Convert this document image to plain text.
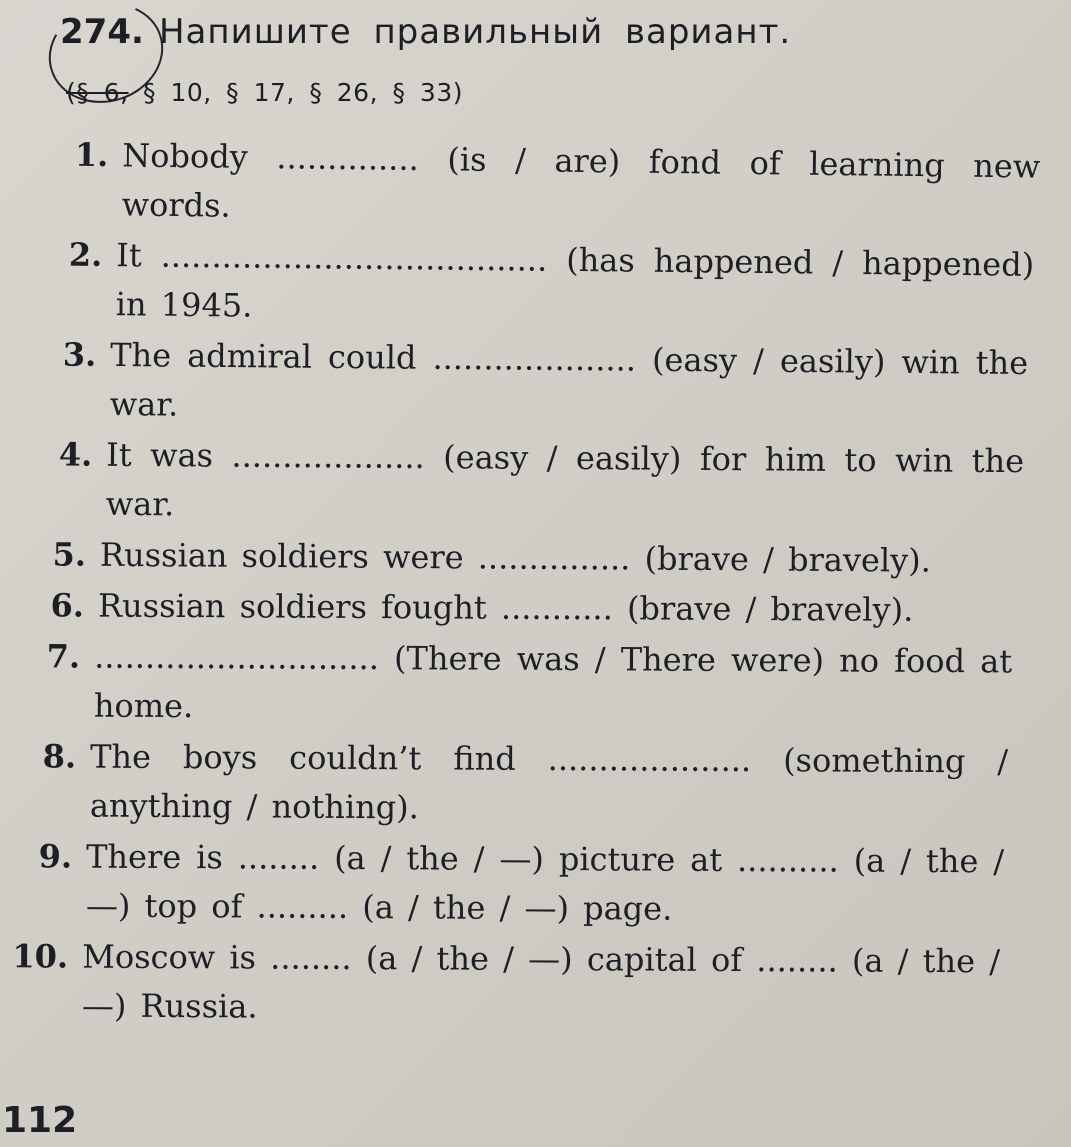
274. Напишите правильный вариант.
(§ 6, § 10, § 17, § 26, § 33)
1. Nobody .............. (is / are) fond of learning new words.
2. It ...................................... (has happened / happened) in 1945.
3. The admiral could .................... (easy / easily) win the war.
4. It was ................... (easy / easily) for him to win the war.
5. Russian soldiers were ............... (brave / bravely).
6. Russian soldiers fought ........... (brave / bravely).
7. ............................ (There was / There were) no food at home.
8. The boys couldn’t find .................... (something / anything / nothing).
9. There is ........ (a / the / —) picture at .......... (a / the / —) top of ......... (a / the / —) page.
10. Moscow is ........ (a / the / —) capital of ........ (a / the / —) Russia.
112
